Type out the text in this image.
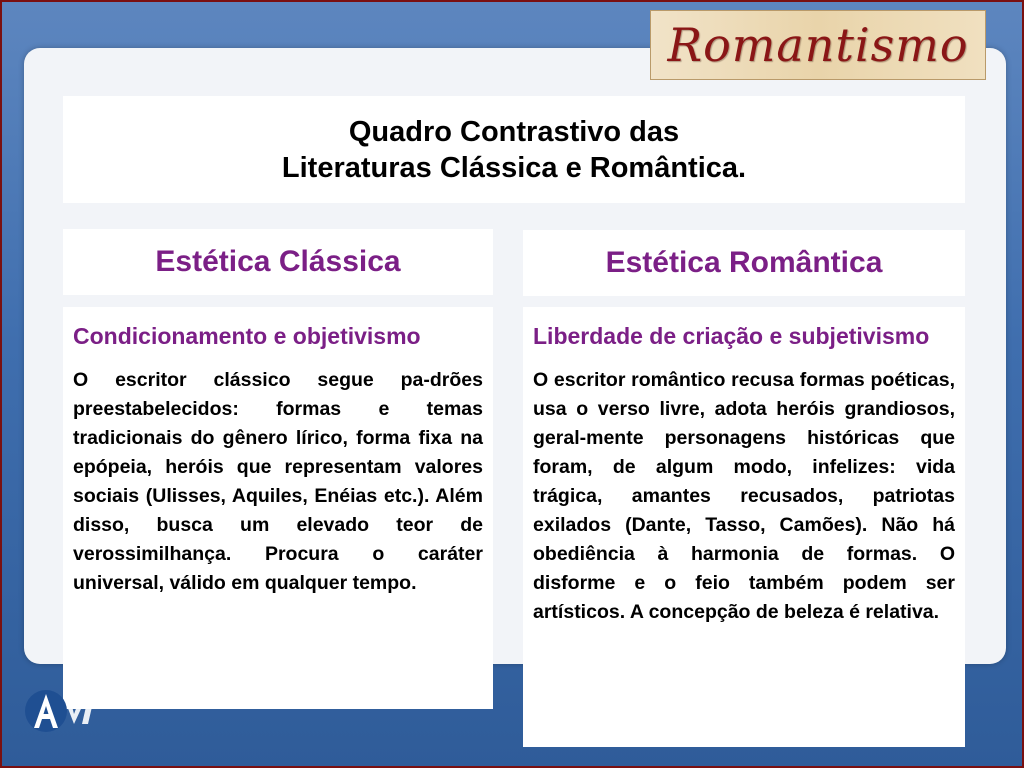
Romantismo
Quadro Contrastivo das
Literaturas Clássica e Romântica.
Estética Clássica

Condicionamento e objetivismo

O escritor clássico segue pa-drões preestabelecidos: formas e temas tradicionais do gênero lírico, forma fixa na epópeia, heróis que representam valores sociais (Ulisses, Aquiles, Enéias etc.). Além disso, busca um elevado teor de verossimilhança. Procura o caráter universal, válido em qualquer tempo.

Estética Romântica

Liberdade de criação e subjetivismo

O escritor romântico recusa formas poéticas, usa o verso livre, adota heróis grandiosos, geral-mente personagens históricas que foram, de algum modo, infelizes: vida trágica, amantes recusados, patriotas exilados (Dante, Tasso, Camões). Não há obediência à harmonia de formas. O disforme e o feio também podem ser artísticos. A concepção de beleza é relativa.
